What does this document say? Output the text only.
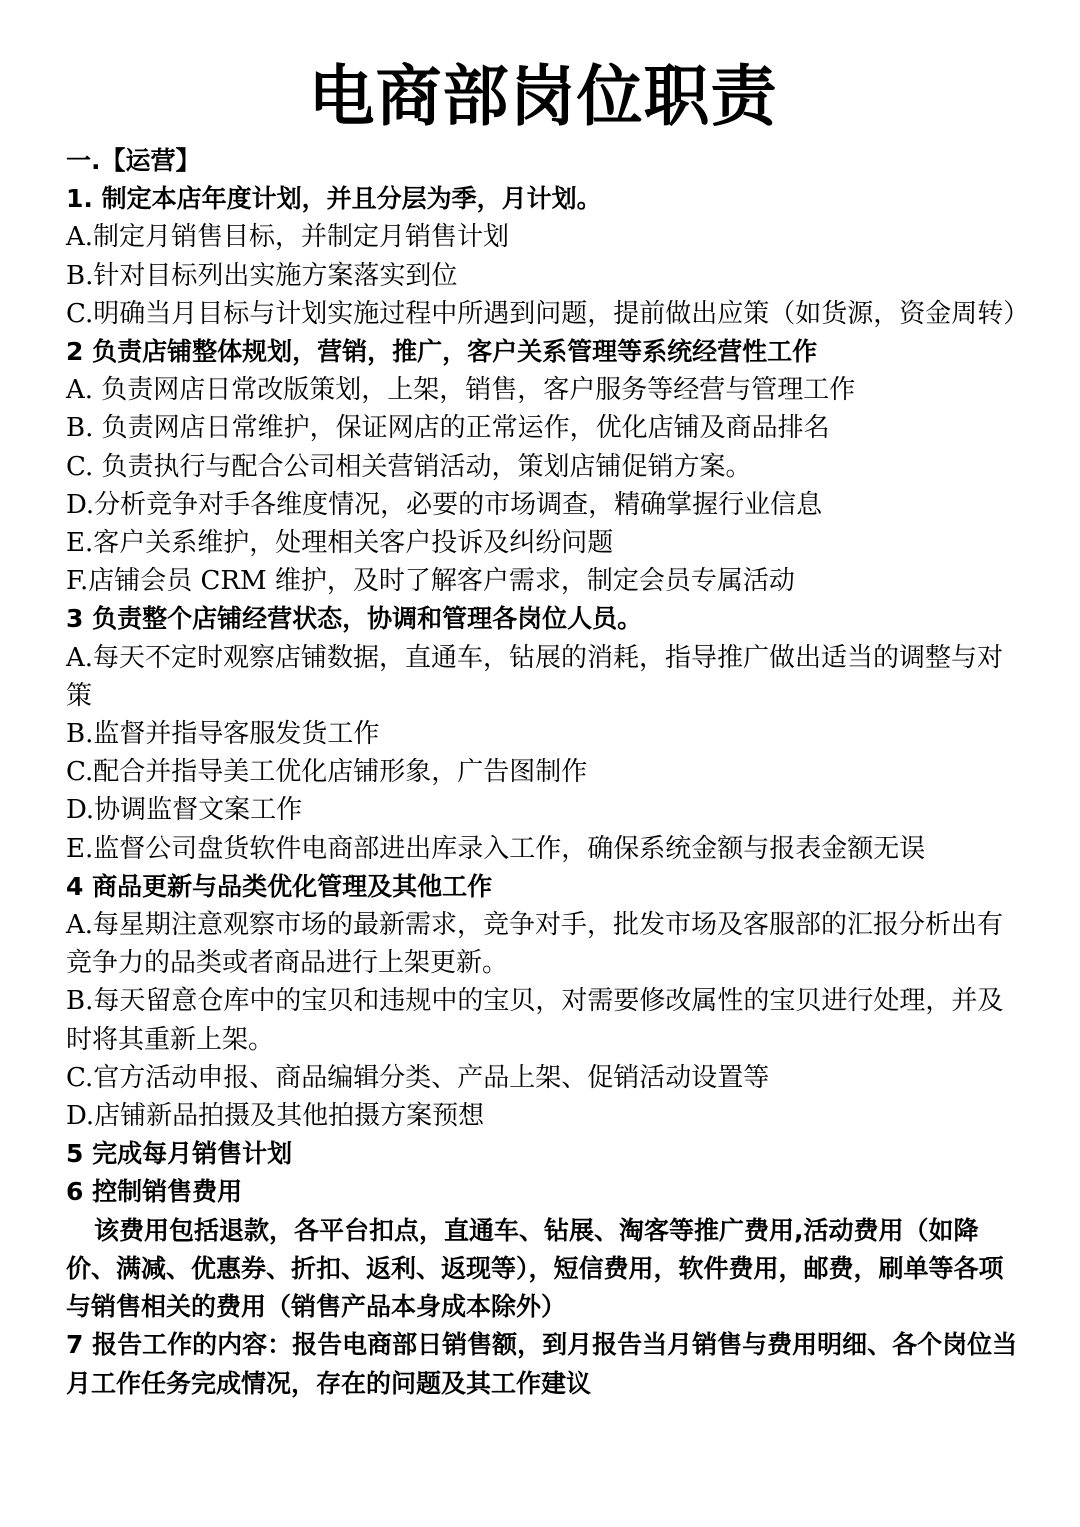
电商部岗位职责

一.【运营】

1. 制定本店年度计划，并且分层为季，月计划。

A.制定月销售目标，并制定月销售计划

B.针对目标列出实施方案落实到位

C.明确当月目标与计划实施过程中所遇到问题，提前做出应策（如货源，资金周转）

2 负责店铺整体规划，营销，推广，客户关系管理等系统经营性工作

A. 负责网店日常改版策划，上架，销售，客户服务等经营与管理工作

B. 负责网店日常维护，保证网店的正常运作，优化店铺及商品排名

C. 负责执行与配合公司相关营销活动，策划店铺促销方案。

D.分析竞争对手各维度情况，必要的市场调查，精确掌握行业信息

E.客户关系维护，处理相关客户投诉及纠纷问题

F.店铺会员 CRM 维护，及时了解客户需求，制定会员专属活动

3 负责整个店铺经营状态，协调和管理各岗位人员。

A.每天不定时观察店铺数据，直通车，钻展的消耗，指导推广做出适当的调整与对策

B.监督并指导客服发货工作

C.配合并指导美工优化店铺形象，广告图制作

D.协调监督文案工作

E.监督公司盘货软件电商部进出库录入工作，确保系统金额与报表金额无误

4 商品更新与品类优化管理及其他工作

A.每星期注意观察市场的最新需求，竞争对手，批发市场及客服部的汇报分析出有竞争力的品类或者商品进行上架更新。

B.每天留意仓库中的宝贝和违规中的宝贝，对需要修改属性的宝贝进行处理，并及时将其重新上架。

C.官方活动申报、商品编辑分类、产品上架、促销活动设置等

D.店铺新品拍摄及其他拍摄方案预想

5 完成每月销售计划

6 控制销售费用

该费用包括退款，各平台扣点，直通车、钻展、淘客等推广费用,活动费用（如降价、满减、优惠券、折扣、返利、返现等），短信费用，软件费用，邮费，刷单等各项与销售相关的费用（销售产品本身成本除外）

7 报告工作的内容：报告电商部日销售额，到月报告当月销售与费用明细、各个岗位当月工作任务完成情况，存在的问题及其工作建议
